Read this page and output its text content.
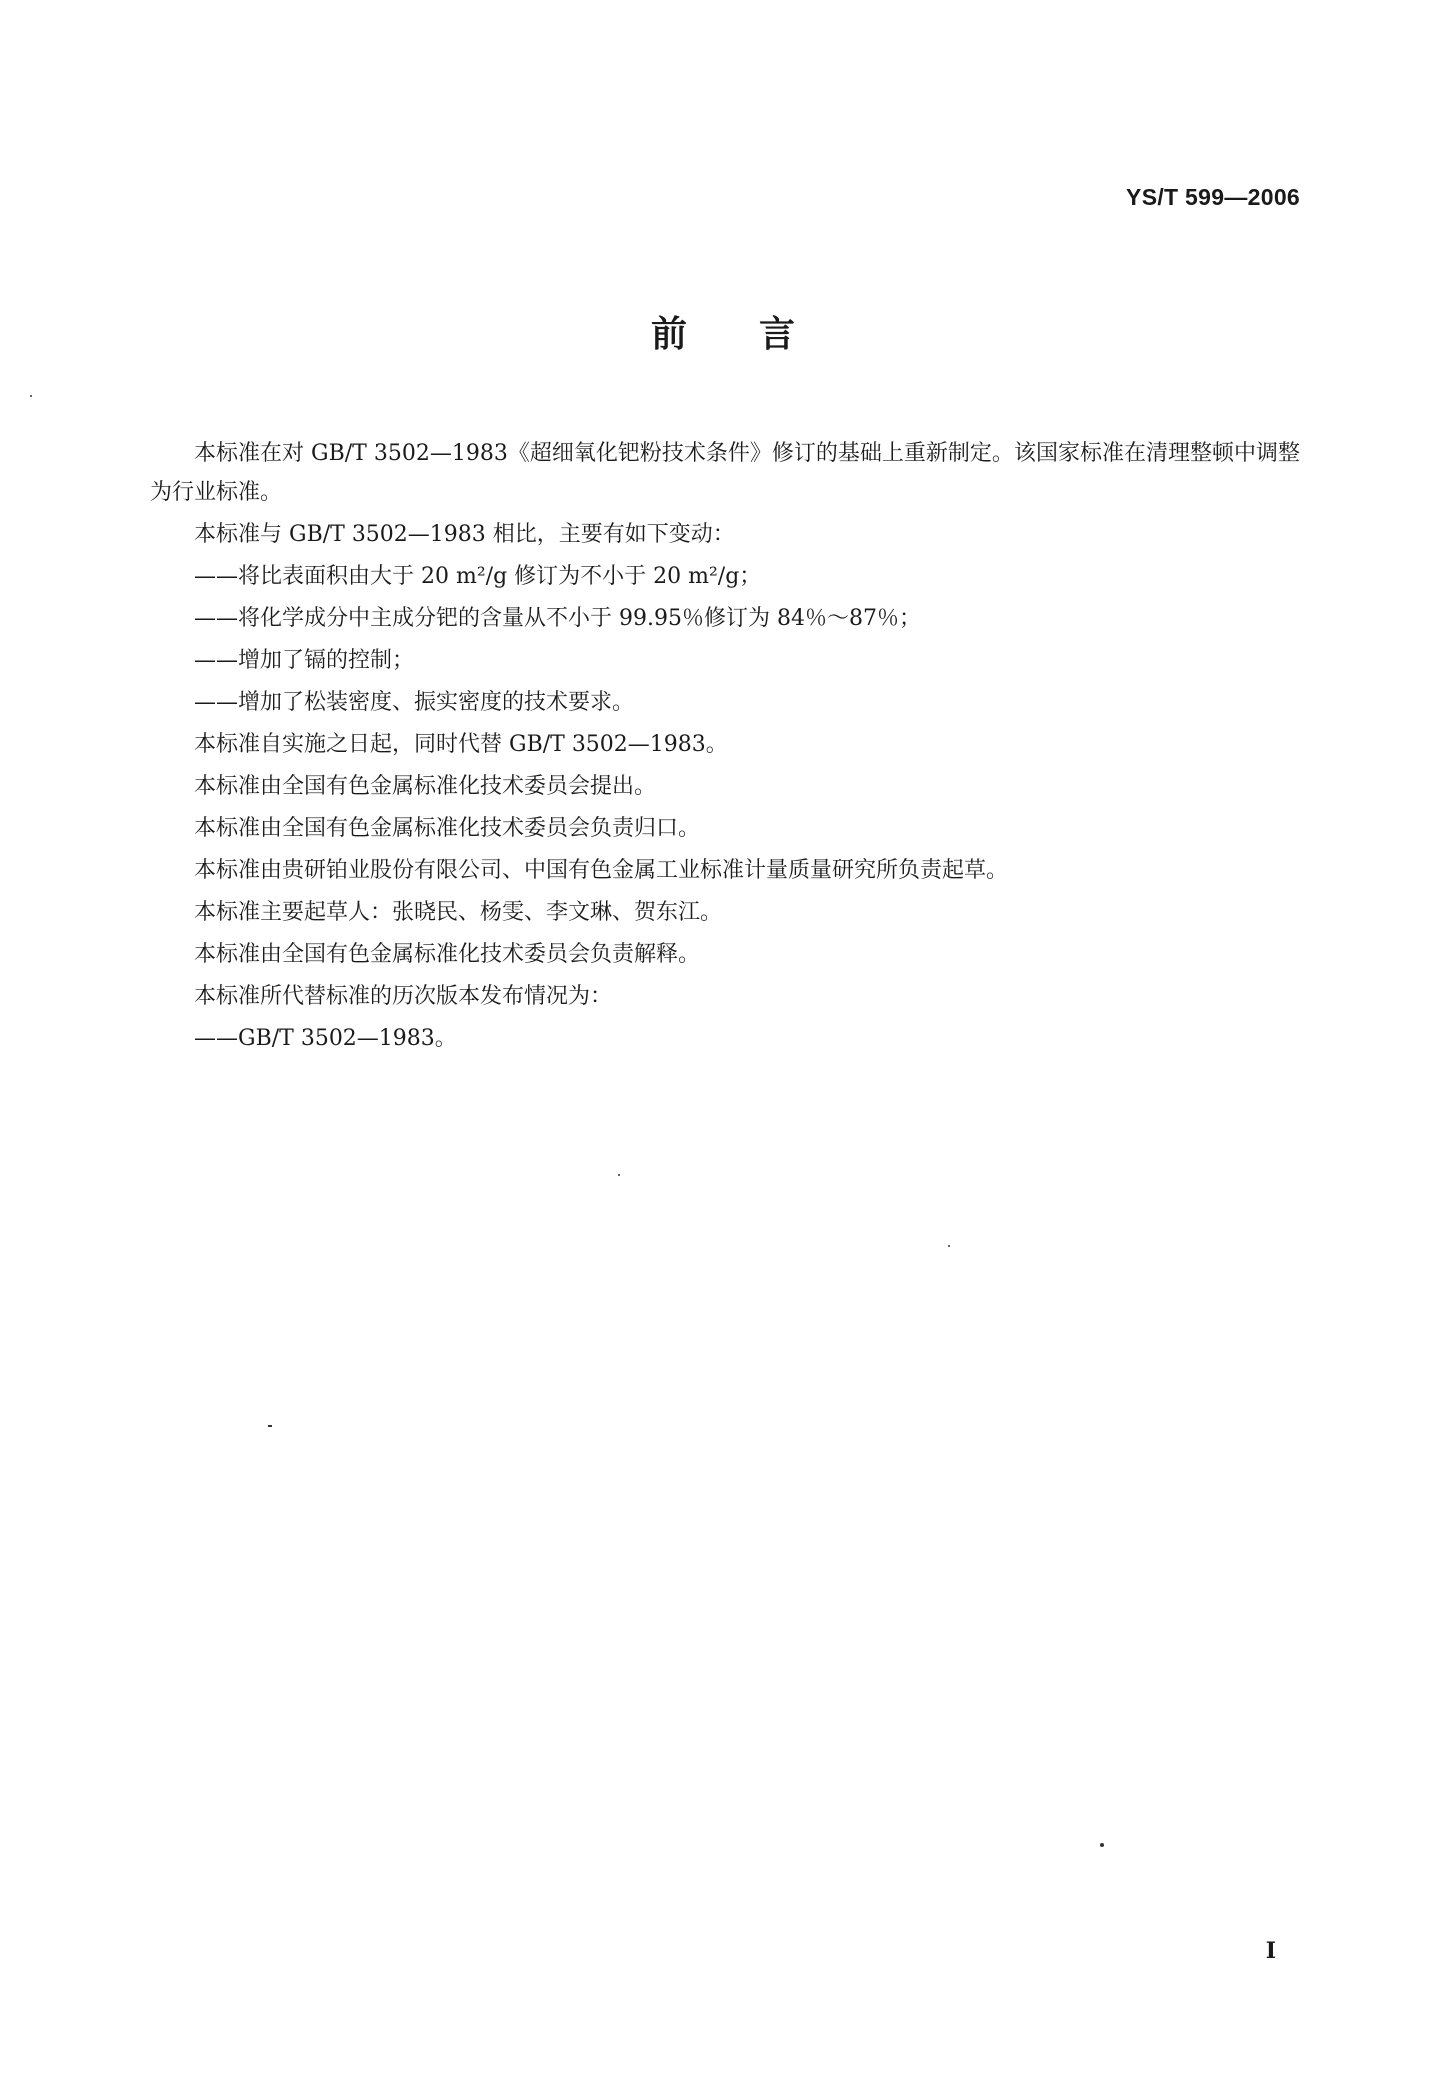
YS/T 599—2006
前言

本标准在对 GB/T 3502—1983《超细氧化钯粉技术条件》修订的基础上重新制定。该国家标准在清理整顿中调整为行业标准。

本标准与 GB/T 3502—1983 相比，主要有如下变动：

——将比表面积由大于 20 m²/g 修订为不小于 20 m²/g；
——将化学成分中主成分钯的含量从不小于 99.95％修订为 84％～87％；
——增加了镉的控制；
——增加了松装密度、振实密度的技术要求。

本标准自实施之日起，同时代替 GB/T 3502—1983。

本标准由全国有色金属标准化技术委员会提出。

本标准由全国有色金属标准化技术委员会负责归口。

本标准由贵研铂业股份有限公司、中国有色金属工业标准计量质量研究所负责起草。

本标准主要起草人：张晓民、杨雯、李文琳、贺东江。

本标准由全国有色金属标准化技术委员会负责解释。

本标准所代替标准的历次版本发布情况为：

——GB/T 3502—1983。
I
